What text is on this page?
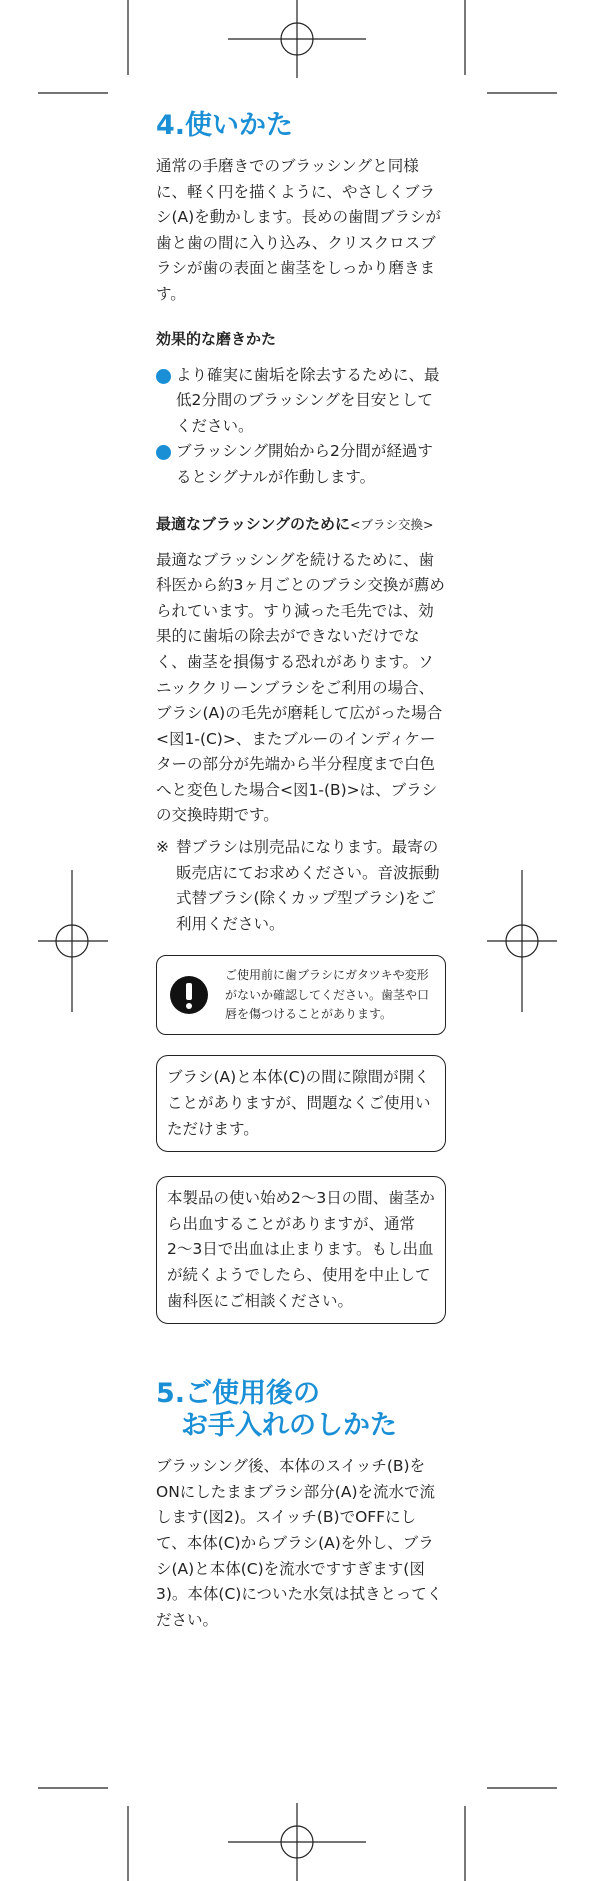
4.使いかた

通常の手磨きでのブラッシングと同様に、軽く円を描くように、やさしくブラシ(A)を動かします。長めの歯間ブラシが歯と歯の間に入り込み、クリスクロスブラシが歯の表面と歯茎をしっかり磨きます。

効果的な磨きかた
より確実に歯垢を除去するために、最低2分間のブラッシングを目安としてください。
ブラッシング開始から2分間が経過するとシグナルが作動します。
最適なブラッシングのために<ブラシ交換>

最適なブラッシングを続けるために、歯科医から約3ヶ月ごとのブラシ交換が薦められています。すり減った毛先では、効果的に歯垢の除去ができないだけでなく、歯茎を損傷する恐れがあります。ソニッククリーンブラシをご利用の場合、ブラシ(A)の毛先が磨耗して広がった場合<図1-(C)>、またブルーのインディケーターの部分が先端から半分程度まで白色へと変色した場合<図1-(B)>は、ブラシの交換時期です。

※ 替ブラシは別売品になります。最寄の販売店にてお求めください。音波振動式替ブラシ(除くカップ型ブラシ)をご利用ください。
ご使用前に歯ブラシにガタツキや変形がないか確認してください。歯茎や口唇を傷つけることがあります。
ブラシ(A)と本体(C)の間に隙間が開くことがありますが、問題なくご使用いただけます。
本製品の使い始め2〜3日の間、歯茎から出血することがありますが、通常2〜3日で出血は止まります。もし出血が続くようでしたら、使用を中止して歯科医にご相談ください。
5.ご使用後の
お手入れのしかた

ブラッシング後、本体のスイッチ(B)をONにしたままブラシ部分(A)を流水で流します(図2)。スイッチ(B)でOFFにして、本体(C)からブラシ(A)を外し、ブラシ(A)と本体(C)を流水ですすぎます(図3)。本体(C)についた水気は拭きとってください。
